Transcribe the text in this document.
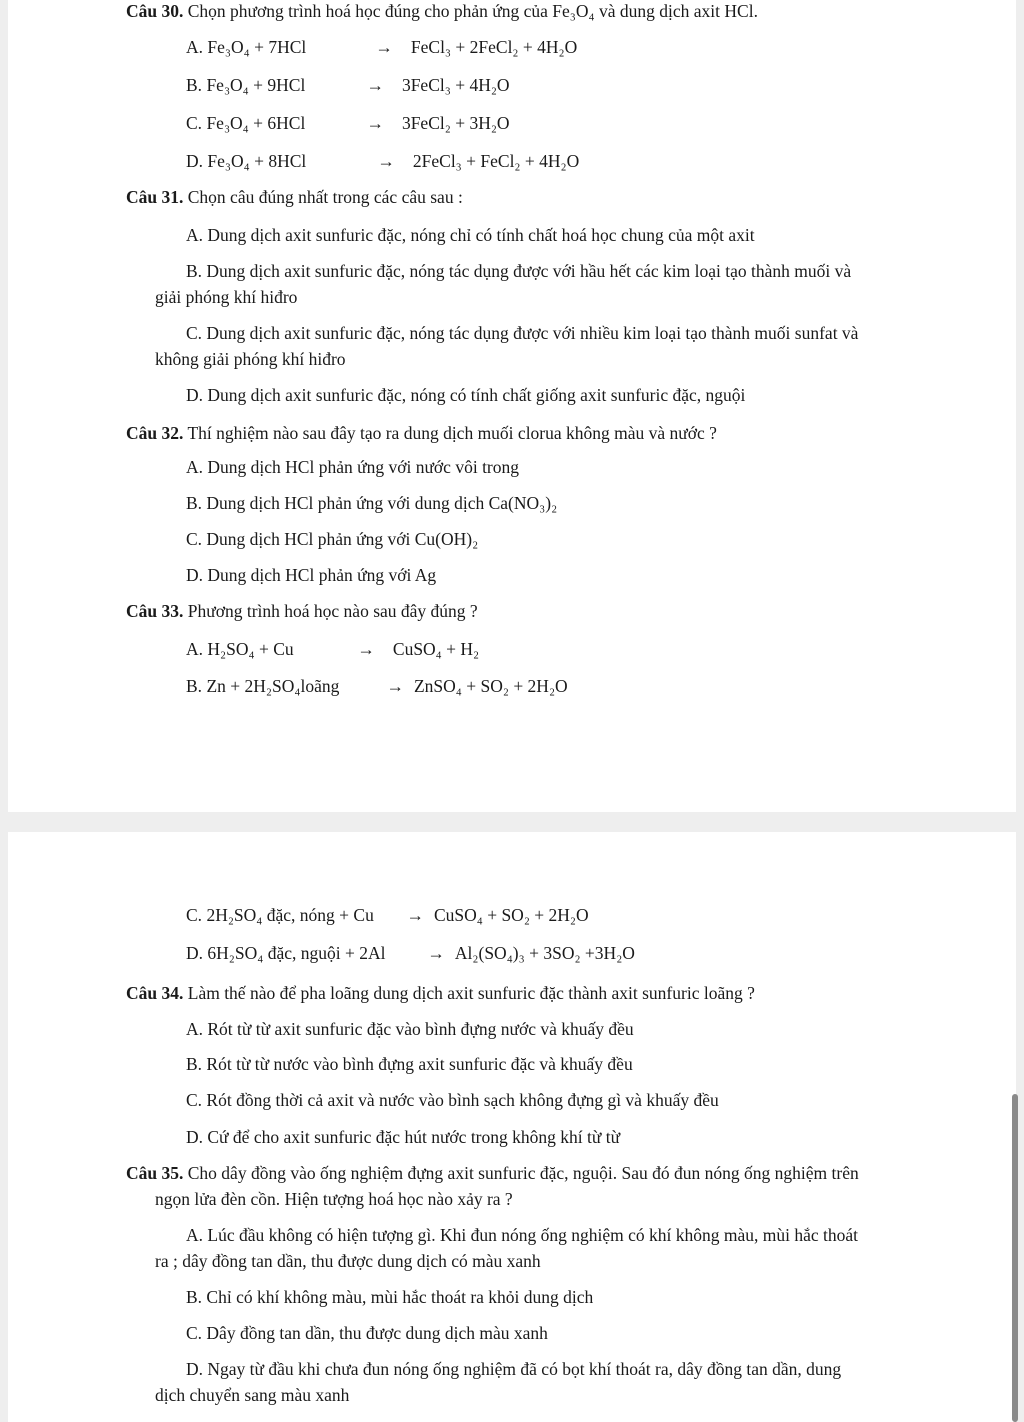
Câu 30. Chọn phương trình hoá học đúng cho phản ứng của Fe₃O₄ và dung dịch axit HCl.
A. Fe₃O₄ + 7HCl	→ FeCl₃ + 2FeCl₂ + 4H₂O
B. Fe₃O₄ + 9HCl	→ 3FeCl₃ + 4H₂O
C. Fe₃O₄ + 6HCl	→ 3FeCl₂ + 3H₂O
D. Fe₃O₄ + 8HCl	→ 2FeCl₃ + FeCl₂ + 4H₂O
Câu 31. Chọn câu đúng nhất trong các câu sau :
A. Dung dịch axit sunfuric đặc, nóng chỉ có tính chất hoá học chung của một axit
B. Dung dịch axit sunfuric đặc, nóng tác dụng được với hầu hết các kim loại tạo thành muối và
giải phóng khí hiđro
C. Dung dịch axit sunfuric đặc, nóng tác dụng được với nhiều kim loại tạo thành muối sunfat và
không giải phóng khí hiđro
D. Dung dịch axit sunfuric đặc, nóng có tính chất giống axit sunfuric đặc, nguội
Câu 32. Thí nghiệm nào sau đây tạo ra dung dịch muối clorua không màu và nước ?
A. Dung dịch HCl phản ứng với nước vôi trong
B. Dung dịch HCl phản ứng với dung dịch Ca(NO₃)₂
C. Dung dịch HCl phản ứng với Cu(OH)₂
D. Dung dịch HCl phản ứng với Ag
Câu 33. Phương trình hoá học nào sau đây đúng ?
A. H₂SO₄ + Cu	→ CuSO₄ + H₂
B. Zn + 2H₂SO₄loãng	→ ZnSO₄ + SO₂ + 2H₂O
C. 2H₂SO₄ đặc, nóng + Cu → CuSO₄ + SO₂ + 2H₂O
D. 6H₂SO₄ đặc, nguội + 2Al → Al₂(SO₄)₃ + 3SO₂ +3H₂O
Câu 34. Làm thế nào để pha loãng dung dịch axit sunfuric đặc thành axit sunfuric loãng ?
A. Rót từ từ axit sunfuric đặc vào bình đựng nước và khuấy đều
B. Rót từ từ nước vào bình đựng axit sunfuric đặc và khuấy đều
C. Rót đồng thời cả axit và nước vào bình sạch không đựng gì và khuấy đều
D. Cứ để cho axit sunfuric đặc hút nước trong không khí từ từ
Câu 35. Cho dây đồng vào ống nghiệm đựng axit sunfuric đặc, nguội. Sau đó đun nóng ống nghiệm trên
ngọn lửa đèn cồn. Hiện tượng hoá học nào xảy ra ?
A. Lúc đầu không có hiện tượng gì. Khi đun nóng ống nghiệm có khí không màu, mùi hắc thoát
ra ; dây đồng tan dần, thu được dung dịch có màu xanh
B. Chỉ có khí không màu, mùi hắc thoát ra khỏi dung dịch
C. Dây đồng tan dần, thu được dung dịch màu xanh
D. Ngay từ đầu khi chưa đun nóng ống nghiệm đã có bọt khí thoát ra, dây đồng tan dần, dung
dịch chuyển sang màu xanh
